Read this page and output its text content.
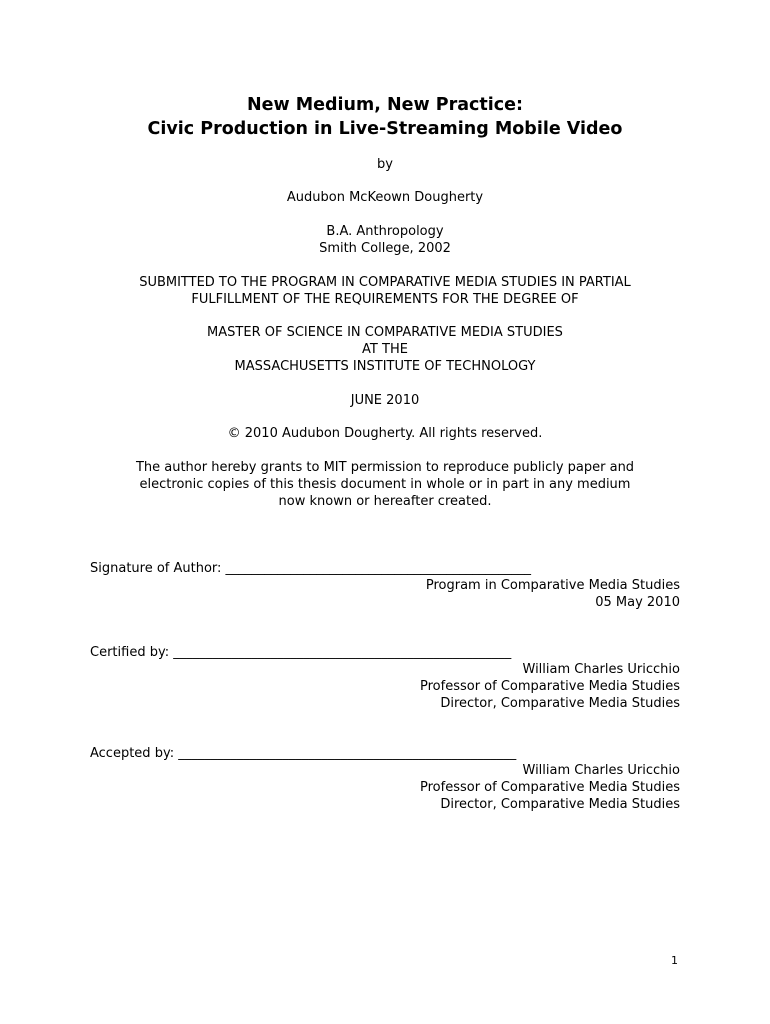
New Medium, New Practice:
Civic Production in Live-Streaming Mobile Video
by
Audubon McKeown Dougherty
B.A. Anthropology
Smith College, 2002
SUBMITTED TO THE PROGRAM IN COMPARATIVE MEDIA STUDIES IN PARTIAL
FULFILLMENT OF THE REQUIREMENTS FOR THE DEGREE OF
MASTER OF SCIENCE IN COMPARATIVE MEDIA STUDIES
AT THE
MASSACHUSETTS INSTITUTE OF TECHNOLOGY
JUNE 2010
© 2010 Audubon Dougherty. All rights reserved.
The author hereby grants to MIT permission to reproduce publicly paper and
electronic copies of this thesis document in whole or in part in any medium
now known or hereafter created.
Signature of Author: _______________________________________________
Program in Comparative Media Studies
05 May 2010
Certified by: ____________________________________________________
William Charles Uricchio
Professor of Comparative Media Studies
Director, Comparative Media Studies
Accepted by: ____________________________________________________
William Charles Uricchio
Professor of Comparative Media Studies
Director, Comparative Media Studies
1
